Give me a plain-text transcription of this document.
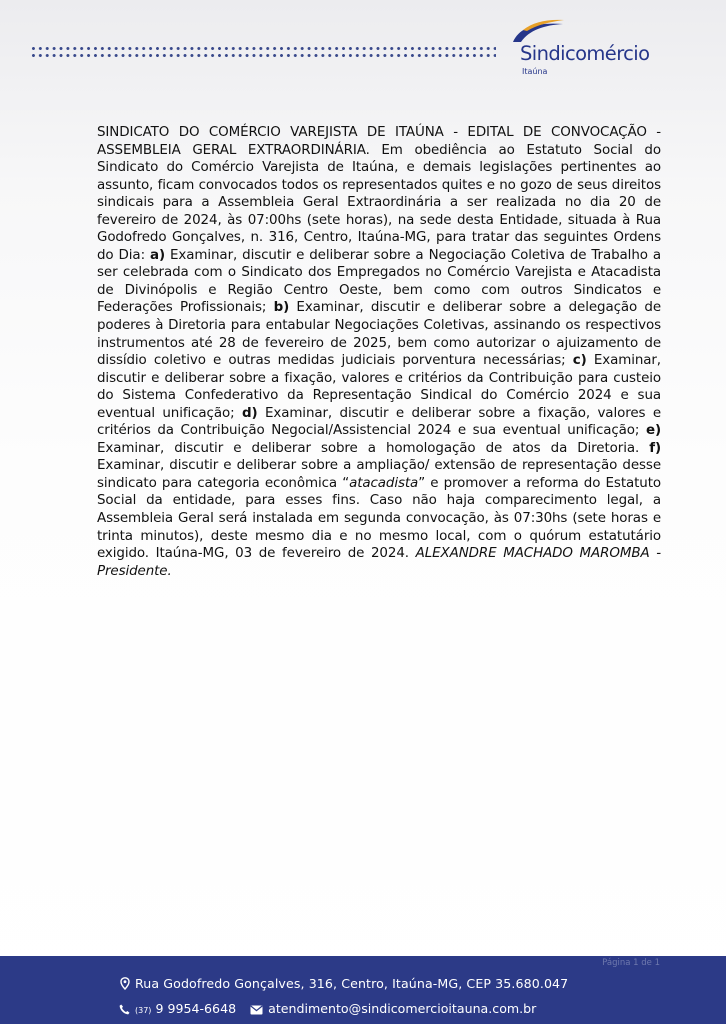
Sindicomércio
Itaúna
SINDICATO DO COMÉRCIO VAREJISTA DE ITAÚNA - EDITAL DE CONVOCAÇÃO - ASSEMBLEIA GERAL EXTRAORDINÁRIA. Em obediência ao Estatuto Social do Sindicato do Comércio Varejista de Itaúna, e demais legislações pertinentes ao assunto, ficam convocados todos os representados quites e no gozo de seus direitos sindicais para a Assembleia Geral Extraordinária a ser realizada no dia 20 de fevereiro de 2024, às 07:00hs (sete horas), na sede desta Entidade, situada à Rua Godofredo Gonçalves, n. 316, Centro, Itaúna-MG, para tratar das seguintes Ordens do Dia: a) Examinar, discutir e deliberar sobre a Negociação Coletiva de Trabalho a ser celebrada com o Sindicato dos Empregados no Comércio Varejista e Atacadista de Divinópolis e Região Centro Oeste, bem como com outros Sindicatos e Federações Profissionais; b) Examinar, discutir e deliberar sobre a delegação de poderes à Diretoria para entabular Negociações Coletivas, assinando os respectivos instrumentos até 28 de fevereiro de 2025, bem como autorizar o ajuizamento de dissídio coletivo e outras medidas judiciais porventura necessárias; c) Examinar, discutir e deliberar sobre a fixação, valores e critérios da Contribuição para custeio do Sistema Confederativo da Representação Sindical do Comércio 2024 e sua eventual unificação; d) Examinar, discutir e deliberar sobre a fixação, valores e critérios da Contribuição Negocial/Assistencial 2024 e sua eventual unificação; e) Examinar, discutir e deliberar sobre a homologação de atos da Diretoria. f) Examinar, discutir e deliberar sobre a ampliação/ extensão de representação desse sindicato para categoria econômica “atacadista” e promover a reforma do Estatuto Social da entidade, para esses fins. Caso não haja comparecimento legal, a Assembleia Geral será instalada em segunda convocação, às 07:30hs (sete horas e trinta minutos), deste mesmo dia e no mesmo local, com o quórum estatutário exigido. Itaúna-MG, 03 de fevereiro de 2024. ALEXANDRE MACHADO MAROMBA - Presidente.
Página 1 de 1
Rua Godofredo Gonçalves, 316, Centro, Itaúna-MG, CEP 35.680.047
(37) 9 9954-6648	atendimento@sindicomercioitauna.com.br
